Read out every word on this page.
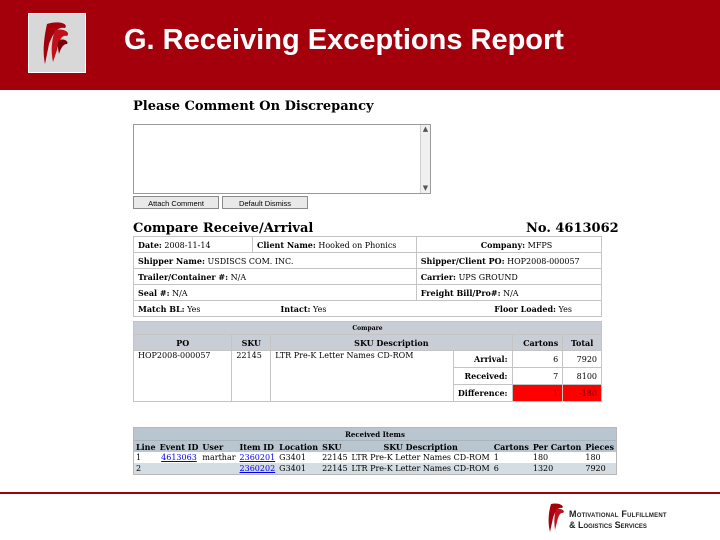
G. Receiving Exceptions Report
Please Comment On Discrepancy
▲
▼
Attach Comment	Default Dismiss
Compare Receive/Arrival	No. 4613062
Date: 2008-11-14	Client Name: Hooked on Phonics	Company: MFPS
Shipper Name: USDISCS COM. INC.		Shipper/Client PO: HOP2008-000057
Trailer/Container #: N/A		Carrier: UPS GROUND
Seal #: N/A		Freight Bill/Pro#: N/A
Match BL: Yes Intact: Yes		Floor Loaded: Yes
Compare					
PO	SKU	SKU Description		Cartons	Total
HOP2008-000057	22145	LTR Pre-K Letter Names CD-ROM	Arrival:	6	7920
			Received:	7	8100
			Difference:	1	-180
Received Items									
Line	Event ID	User	Item ID	Location	SKU	SKU Description	Cartons	Per Carton	Pieces
1	4613063	marthar	2360201	G3401	22145	LTR Pre-K Letter Names CD-ROM	1	180	180
2			2360202	G3401	22145	LTR Pre-K Letter Names CD-ROM	6	1320	7920
Motivational Fulfillment
& Logistics Services
